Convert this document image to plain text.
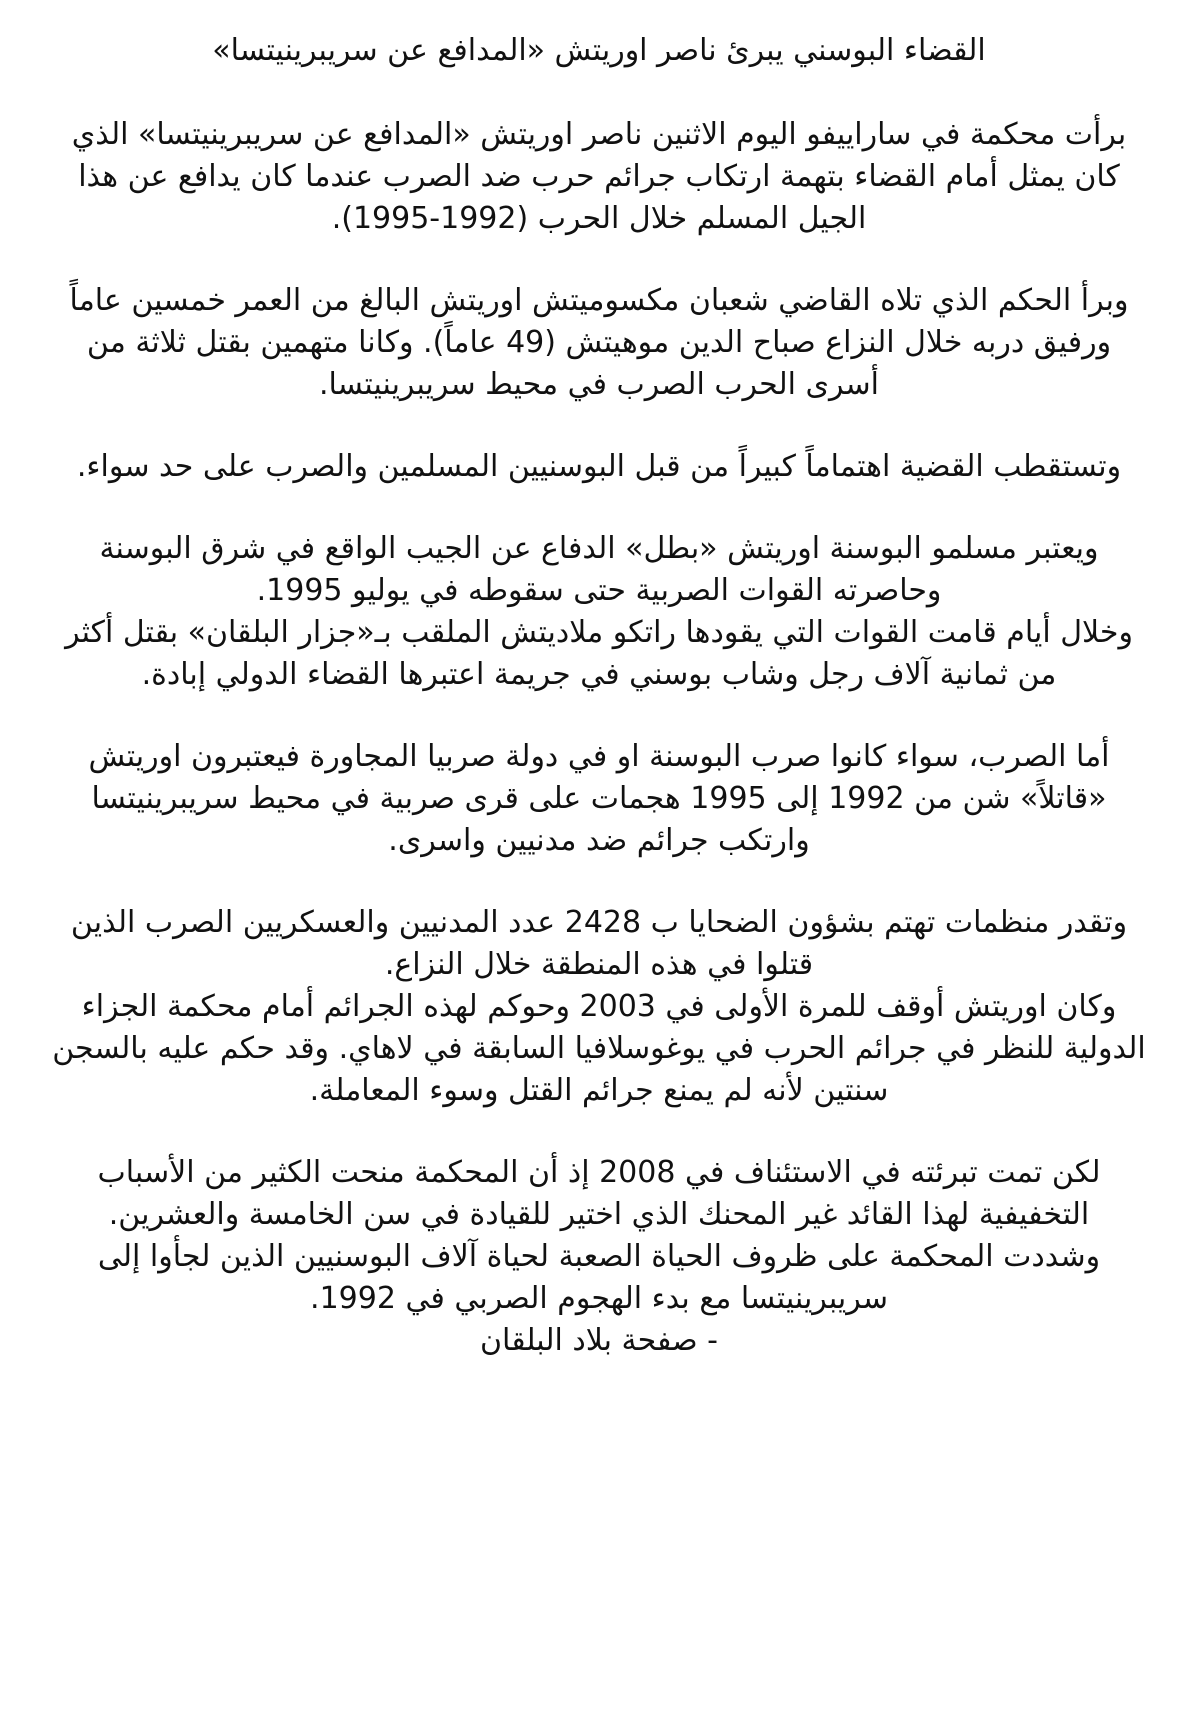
القضاء البوسني يبرئ ناصر اوريتش «المدافع عن سريبرينيتسا»

برأت محكمة في ساراييفو اليوم الاثنين ناصر اوريتش «المدافع عن سريبرينيتسا» الذي كان يمثل أمام القضاء بتهمة ارتكاب جرائم حرب ضد الصرب عندما كان يدافع عن هذا الجيل المسلم خلال الحرب (1992-1995).

وبرأ الحكم الذي تلاه القاضي شعبان مكسوميتش اوريتش البالغ من العمر خمسين عاماً ورفيق دربه خلال النزاع صباح الدين موهيتش (49 عاماً). وكانا متهمين بقتل ثلاثة من أسرى الحرب الصرب في محيط سريبرينيتسا.

وتستقطب القضية اهتماماً كبيراً من قبل البوسنيين المسلمين والصرب على حد سواء.

ويعتبر مسلمو البوسنة اوريتش «بطل» الدفاع عن الجيب الواقع في شرق البوسنة وحاصرته القوات الصربية حتى سقوطه في يوليو 1995.

وخلال أيام قامت القوات التي يقودها راتكو ملاديتش الملقب بـ«جزار البلقان» بقتل أكثر من ثمانية آلاف رجل وشاب بوسني في جريمة اعتبرها القضاء الدولي إبادة.

أما الصرب، سواء كانوا صرب البوسنة او في دولة صربيا المجاورة فيعتبرون اوريتش «قاتلاً» شن من 1992 إلى 1995 هجمات على قرى صربية في محيط سريبرينيتسا وارتكب جرائم ضد مدنيين واسرى.

وتقدر منظمات تهتم بشؤون الضحايا ب 2428 عدد المدنيين والعسكريين الصرب الذين قتلوا في هذه المنطقة خلال النزاع.

وكان اوريتش أوقف للمرة الأولى في 2003 وحوكم لهذه الجرائم أمام محكمة الجزاء الدولية للنظر في جرائم الحرب في يوغوسلافيا السابقة في لاهاي. وقد حكم عليه بالسجن سنتين لأنه لم يمنع جرائم القتل وسوء المعاملة.

لكن تمت تبرئته في الاستئناف في 2008 إذ أن المحكمة منحت الكثير من الأسباب التخفيفية لهذا القائد غير المحنك الذي اختير للقيادة في سن الخامسة والعشرين.

وشددت المحكمة على ظروف الحياة الصعبة لحياة آلاف البوسنيين الذين لجأوا إلى سريبرينيتسا مع بدء الهجوم الصربي في 1992.

- صفحة بلاد البلقان
